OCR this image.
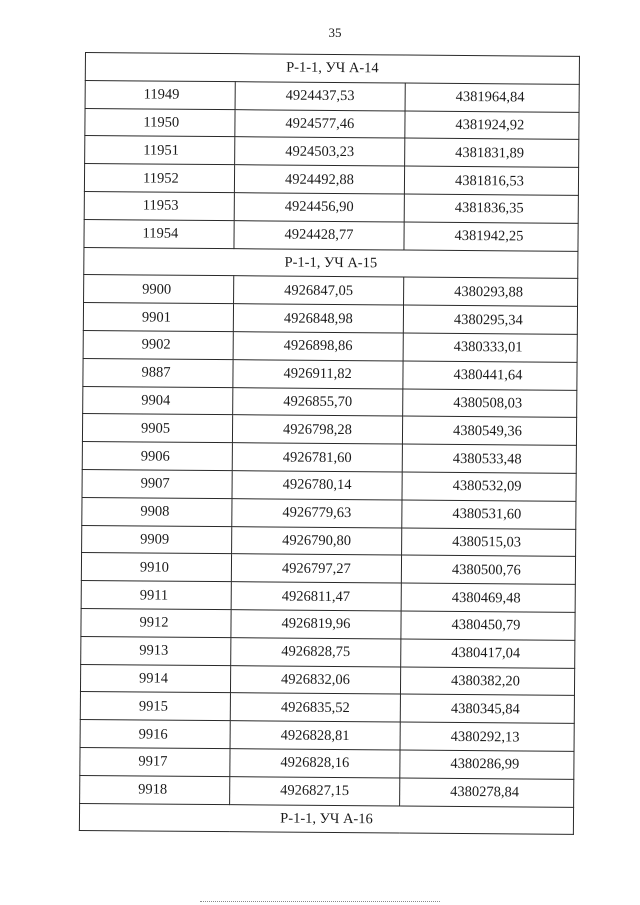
35
Р-1-1, УЧ А-14		
11949	4924437,53	4381964,84
11950	4924577,46	4381924,92
11951	4924503,23	4381831,89
11952	4924492,88	4381816,53
11953	4924456,90	4381836,35
11954	4924428,77	4381942,25
Р-1-1, УЧ А-15		
9900	4926847,05	4380293,88
9901	4926848,98	4380295,34
9902	4926898,86	4380333,01
9887	4926911,82	4380441,64
9904	4926855,70	4380508,03
9905	4926798,28	4380549,36
9906	4926781,60	4380533,48
9907	4926780,14	4380532,09
9908	4926779,63	4380531,60
9909	4926790,80	4380515,03
9910	4926797,27	4380500,76
9911	4926811,47	4380469,48
9912	4926819,96	4380450,79
9913	4926828,75	4380417,04
9914	4926832,06	4380382,20
9915	4926835,52	4380345,84
9916	4926828,81	4380292,13
9917	4926828,16	4380286,99
9918	4926827,15	4380278,84
Р-1-1, УЧ А-16		
